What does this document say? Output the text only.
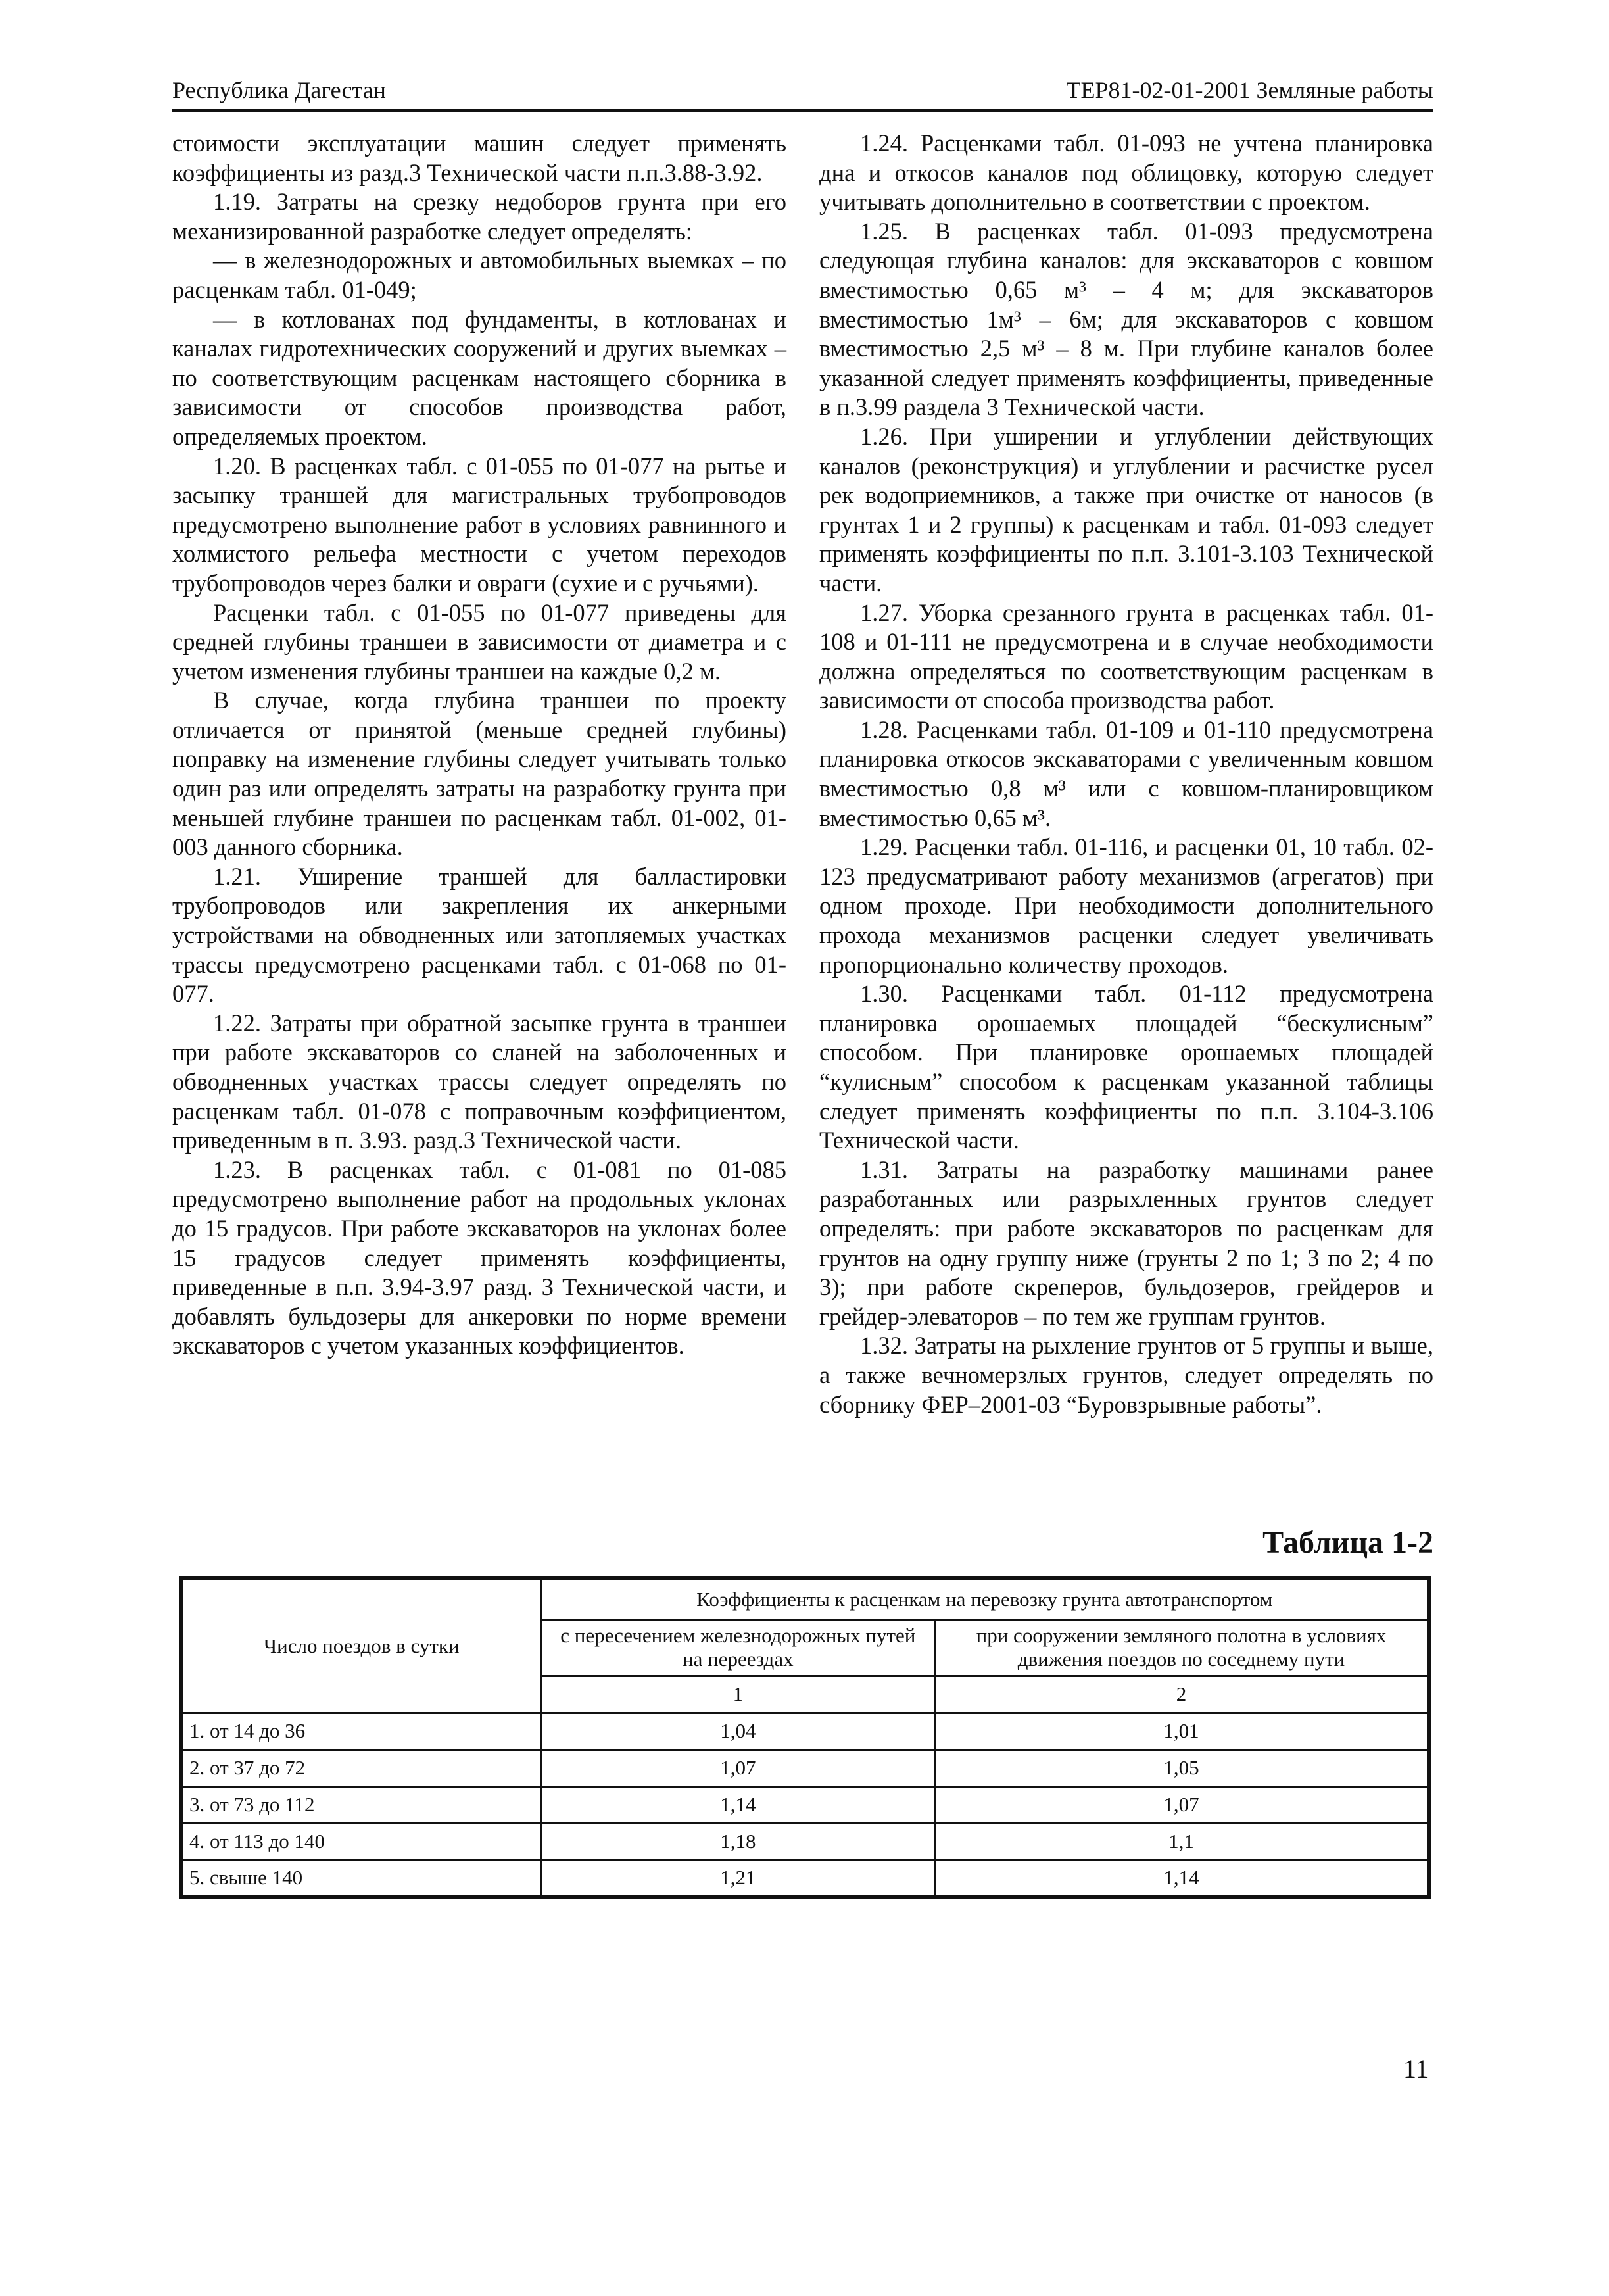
Республика Дагестан	ТЕР81-02-01-2001 Земляные работы

стоимости эксплуатации машин следует применять коэффициенты из разд.3 Технической части п.п.3.88-3.92.

1.19. Затраты на срезку недоборов грунта при его механизированной разработке следует определять:

— в железнодорожных и автомобильных выемках – по расценкам табл. 01-049;

— в котлованах под фундаменты, в котлованах и каналах гидротехнических сооружений и других выемках – по соответствующим расценкам настоящего сборника в зависимости от способов производства работ, определяемых проектом.

1.20. В расценках табл. с 01-055 по 01-077 на рытье и засыпку траншей для магистральных трубопроводов предусмотрено выполнение работ в условиях равнинного и холмистого рельефа местности с учетом переходов трубопроводов через балки и овраги (сухие и с ручьями).

Расценки табл. с 01-055 по 01-077 приведены для средней глубины траншеи в зависимости от диаметра и с учетом изменения глубины траншеи на каждые 0,2 м.

В случае, когда глубина траншеи по проекту отличается от принятой (меньше средней глубины) поправку на изменение глубины следует учитывать только один раз или определять затраты на разработку грунта при меньшей глубине траншеи по расценкам табл. 01-002, 01-003 данного сборника.

1.21. Уширение траншей для балластировки трубопроводов или закрепления их анкерными устройствами на обводненных или затопляемых участках трассы предусмотрено расценками табл. с 01-068 по 01-077.

1.22. Затраты при обратной засыпке грунта в траншеи при работе экскаваторов со сланей на заболоченных и обводненных участках трассы следует определять по расценкам табл. 01-078 с поправочным коэффициентом, приведенным в п. 3.93. разд.3 Технической части.

1.23. В расценках табл. с 01-081 по 01-085 предусмотрено выполнение работ на продольных уклонах до 15 градусов. При работе экскаваторов на уклонах более 15 градусов следует применять коэффициенты, приведенные в п.п. 3.94-3.97 разд. 3 Технической части, и добавлять бульдозеры для анкеровки по норме времени экскаваторов с учетом указанных коэффициентов.

1.24. Расценками табл. 01-093 не учтена планировка дна и откосов каналов под облицовку, которую следует учитывать дополнительно в соответствии с проектом.

1.25. В расценках табл. 01-093 предусмотрена следующая глубина каналов: для экскаваторов с ковшом вместимостью 0,65 м³ – 4 м; для экскаваторов вместимостью 1м³ – 6м; для экскаваторов с ковшом вместимостью 2,5 м³ – 8 м. При глубине каналов более указанной следует применять коэффициенты, приведенные в п.3.99 раздела 3 Технической части.

1.26. При уширении и углублении действующих каналов (реконструкция) и углублении и расчистке русел рек водоприемников, а также при очистке от наносов (в грунтах 1 и 2 группы) к расценкам и табл. 01-093 следует применять коэффициенты по п.п. 3.101-3.103 Технической части.

1.27. Уборка срезанного грунта в расценках табл. 01-108 и 01-111 не предусмотрена и в случае необходимости должна определяться по соответствующим расценкам в зависимости от способа производства работ.

1.28. Расценками табл. 01-109 и 01-110 предусмотрена планировка откосов экскаваторами с увеличенным ковшом вместимостью 0,8 м³ или с ковшом-планировщиком вместимостью 0,65 м³.

1.29. Расценки табл. 01-116, и расценки 01, 10 табл. 02-123 предусматривают работу механизмов (агрегатов) при одном проходе. При необходимости дополнительного прохода механизмов расценки следует увеличивать пропорционально количеству проходов.

1.30. Расценками табл. 01-112 предусмотрена планировка орошаемых площадей “бескулисным” способом. При планировке орошаемых площадей “кулисным” способом к расценкам указанной таблицы следует применять коэффициенты по п.п. 3.104-3.106 Технической части.

1.31. Затраты на разработку машинами ранее разработанных или разрыхленных грунтов следует определять: при работе экскаваторов по расценкам для грунтов на одну группу ниже (грунты 2 по 1; 3 по 2; 4 по 3); при работе скреперов, бульдозеров, грейдеров и грейдер-элеваторов – по тем же группам грунтов.

1.32. Затраты на рыхление грунтов от 5 группы и выше, а также вечномерзлых грунтов, следует определять по сборнику ФЕР–2001-03 “Буровзрывные работы”.

Таблица 1-2
Число поездов в сутки	Коэффициенты к расценкам на перевозку грунта автотранспортом	
	с пересечением железнодорожных путей на переездах	при сооружении земляного полотна в условиях движения поездов по соседнему пути
	1	2
1. от 14 до 36	1,04	1,01
2. от 37 до 72	1,07	1,05
3. от 73 до 112	1,14	1,07
4. от 113 до 140	1,18	1,1
5. свыше 140	1,21	1,14
11
